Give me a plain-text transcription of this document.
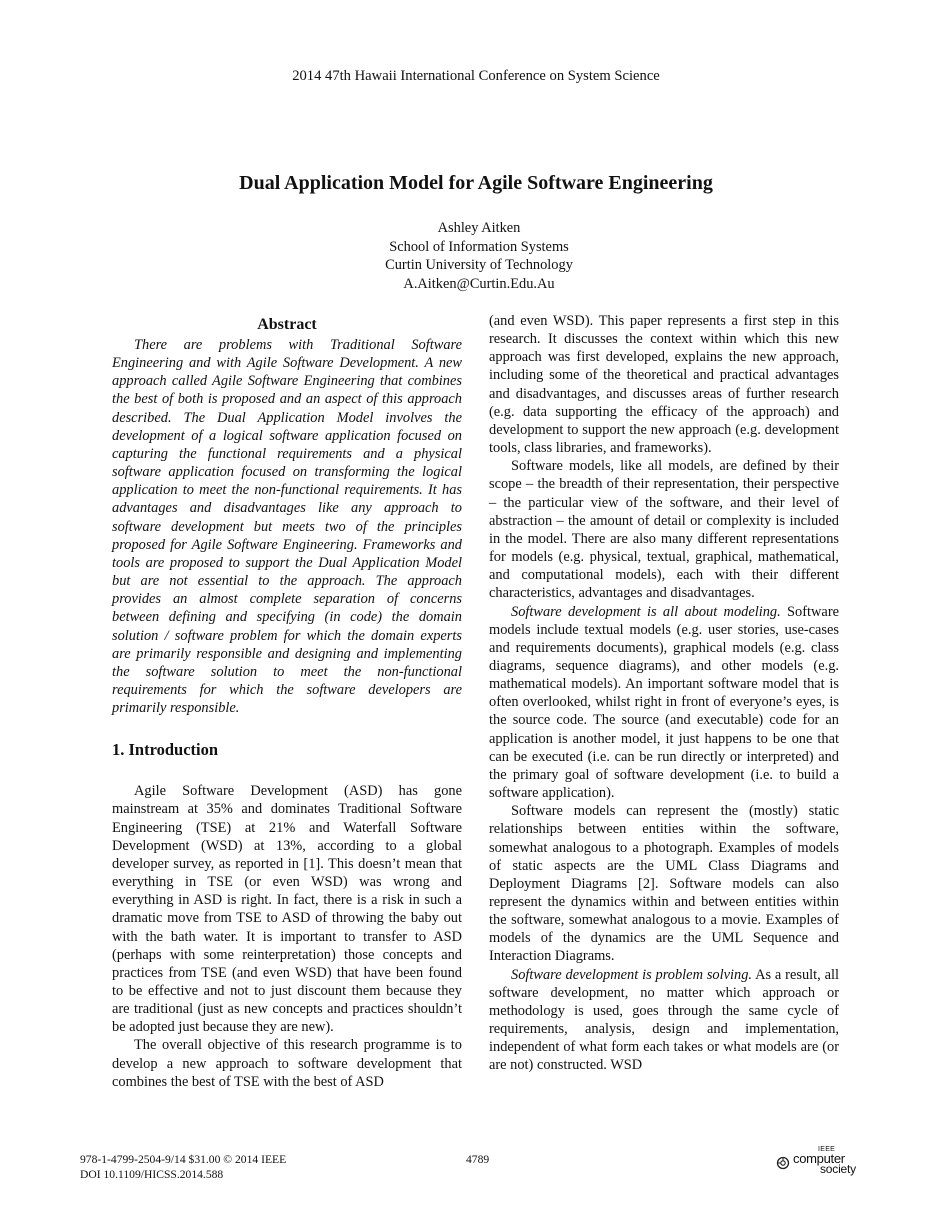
2014 47th Hawaii International Conference on System Science
Dual Application Model for Agile Software Engineering
Ashley Aitken
School of Information Systems
Curtin University of Technology
A.Aitken@Curtin.Edu.Au
Abstract

There are problems with Traditional Software Engineering and with Agile Software Development. A new approach called Agile Software Engineering that combines the best of both is proposed and an aspect of this approach described. The Dual Application Model involves the development of a logical software application focused on capturing the functional requirements and a physical software application focused on transforming the logical application to meet the non-functional requirements. It has advantages and disadvantages like any approach to software development but meets two of the principles proposed for Agile Software Engineering. Frameworks and tools are proposed to support the Dual Application Model but are not essential to the approach. The approach provides an almost complete separation of concerns between defining and specifying (in code) the domain solution / software problem for which the domain experts are primarily responsible and designing and implementing the software solution to meet the non-functional requirements for which the software developers are primarily responsible.

1. Introduction

Agile Software Development (ASD) has gone mainstream at 35% and dominates Traditional Software Engineering (TSE) at 21% and Waterfall Software Development (WSD) at 13%, according to a global developer survey, as reported in [1]. This doesn’t mean that everything in TSE (or even WSD) was wrong and everything in ASD is right. In fact, there is a risk in such a dramatic move from TSE to ASD of throwing the baby out with the bath water. It is important to transfer to ASD (perhaps with some reinterpretation) those concepts and practices from TSE (and even WSD) that have been found to be effective and not to just discount them because they are traditional (just as new concepts and practices shouldn’t be adopted just because they are new).

The overall objective of this research programme is to develop a new approach to software development that combines the best of TSE with the best of ASD

(and even WSD). This paper represents a first step in this research. It discusses the context within which this new approach was first developed, explains the new approach, including some of the theoretical and practical advantages and disadvantages, and discusses areas of further research (e.g. data supporting the efficacy of the approach) and development to support the new approach (e.g. development tools, class libraries, and frameworks).

Software models, like all models, are defined by their scope – the breadth of their representation, their perspective – the particular view of the software, and their level of abstraction – the amount of detail or complexity is included in the model. There are also many different representations for models (e.g. physical, textual, graphical, mathematical, and computational models), each with their different characteristics, advantages and disadvantages.

Software development is all about modeling. Software models include textual models (e.g. user stories, use-cases and requirements documents), graphical models (e.g. class diagrams, sequence diagrams), and other models (e.g. mathematical models). An important software model that is often overlooked, whilst right in front of everyone’s eyes, is the source code. The source (and executable) code for an application is another model, it just happens to be one that can be executed (i.e. can be run directly or interpreted) and the primary goal of software development (i.e. to build a software application).

Software models can represent the (mostly) static relationships between entities within the software, somewhat analogous to a photograph. Examples of models of static aspects are the UML Class Diagrams and Deployment Diagrams [2]. Software models can also represent the dynamics within and between entities within the software, somewhat analogous to a movie. Examples of models of the dynamics are the UML Sequence and Interaction Diagrams.

Software development is problem solving. As a result, all software development, no matter which approach or methodology is used, goes through the same cycle of requirements, analysis, design and implementation, independent of what form each takes or what models are (or are not) constructed. WSD

978-1-4799-2504-9/14 $31.00 © 2014 IEEE
DOI 10.1109/HICSS.2014.588
4789
IEEE
computer
society
